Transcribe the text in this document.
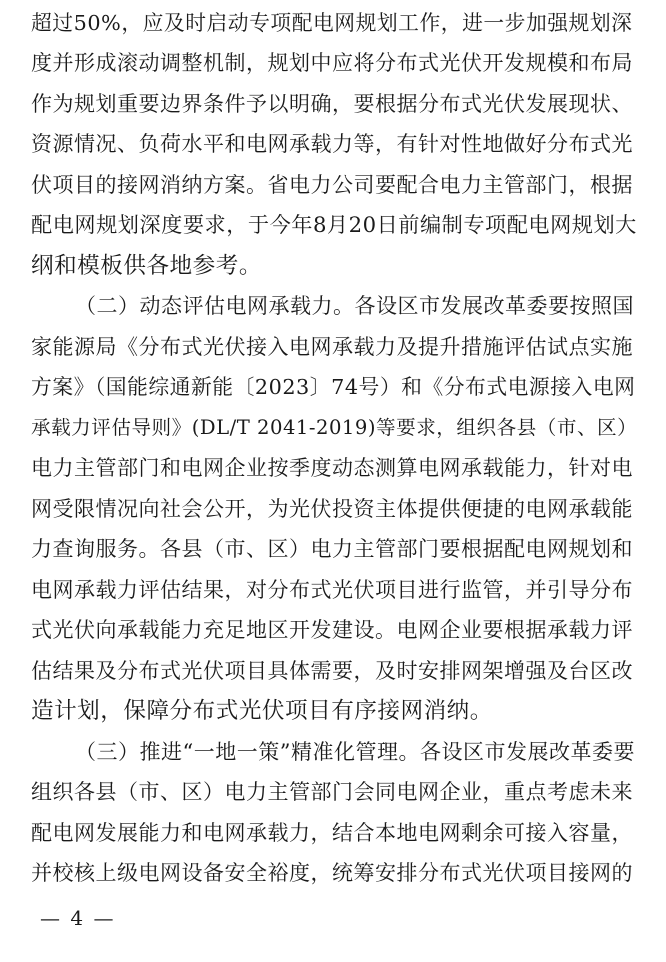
超过50%，应及时启动专项配电网规划工作，进一步加强规划深
度并形成滚动调整机制，规划中应将分布式光伏开发规模和布局
作为规划重要边界条件予以明确，要根据分布式光伏发展现状、
资源情况、负荷水平和电网承载力等，有针对性地做好分布式光
伏项目的接网消纳方案。省电力公司要配合电力主管部门，根据
配电网规划深度要求，于今年8月20日前编制专项配电网规划大
纲和模板供各地参考。
（二）动态评估电网承载力。各设区市发展改革委要按照国
家能源局《分布式光伏接入电网承载力及提升措施评估试点实施
方案》（国能综通新能〔2023〕74号）和《分布式电源接入电网
承载力评估导则》(DL/T 2041-2019)等要求，组织各县（市、区）
电力主管部门和电网企业按季度动态测算电网承载能力，针对电
网受限情况向社会公开，为光伏投资主体提供便捷的电网承载能
力查询服务。各县（市、区）电力主管部门要根据配电网规划和
电网承载力评估结果，对分布式光伏项目进行监管，并引导分布
式光伏向承载能力充足地区开发建设。电网企业要根据承载力评
估结果及分布式光伏项目具体需要，及时安排网架增强及台区改
造计划，保障分布式光伏项目有序接网消纳。
（三）推进“一地一策”精准化管理。各设区市发展改革委要
组织各县（市、区）电力主管部门会同电网企业，重点考虑未来
配电网发展能力和电网承载力，结合本地电网剩余可接入容量，
并校核上级电网设备安全裕度，统筹安排分布式光伏项目接网的
— 4 —
